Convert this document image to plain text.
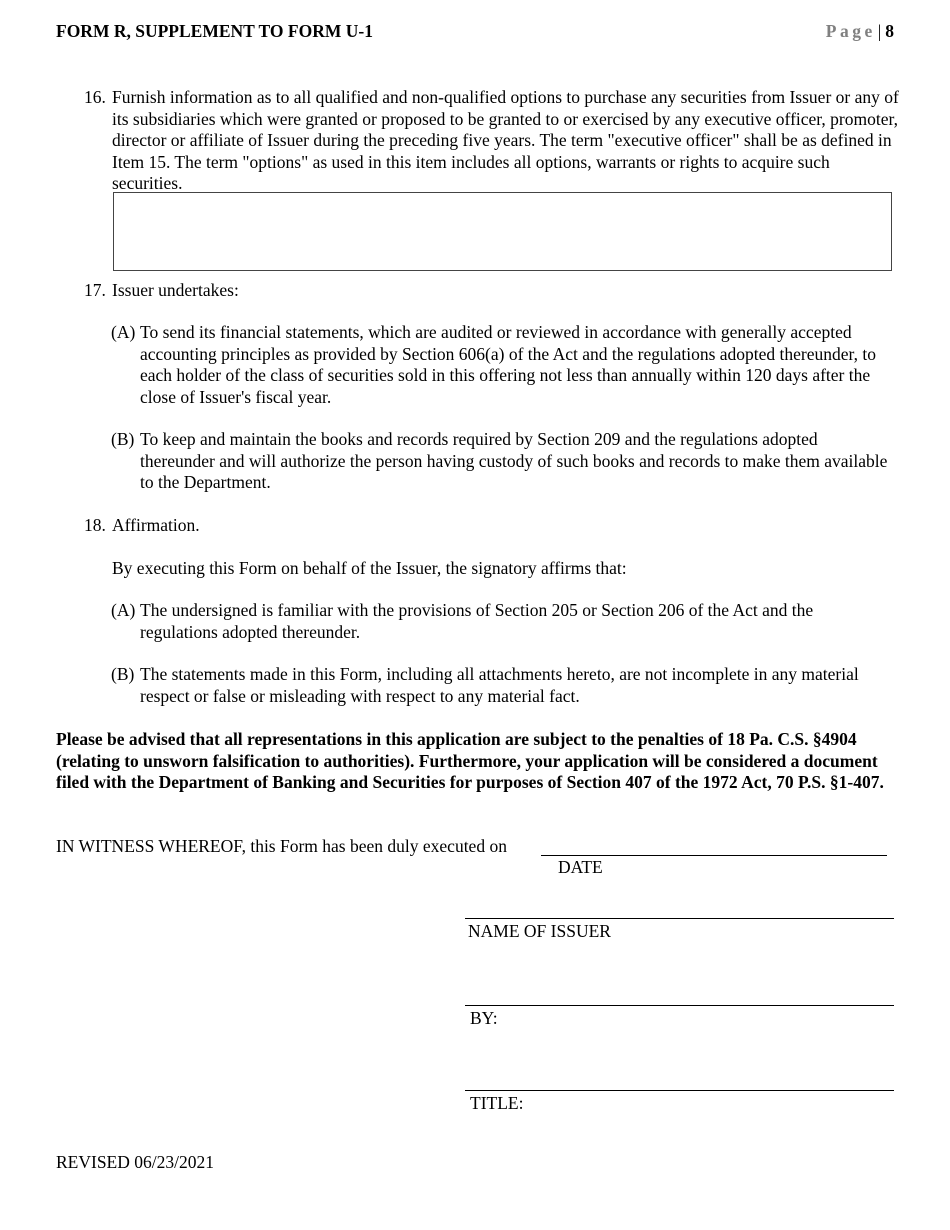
FORM R, SUPPLEMENT TO FORM U-1	Page | 8
16. Furnish information as to all qualified and non-qualified options to purchase any securities from Issuer or any of its subsidiaries which were granted or proposed to be granted to or exercised by any executive officer, promoter, director or affiliate of Issuer during the preceding five years. The term "executive officer" shall be as defined in Item 15. The term "options" as used in this item includes all options, warrants or rights to acquire such securities.
17. Issuer undertakes:
(A) To send its financial statements, which are audited or reviewed in accordance with generally accepted accounting principles as provided by Section 606(a) of the Act and the regulations adopted thereunder, to each holder of the class of securities sold in this offering not less than annually within 120 days after the close of Issuer's fiscal year.
(B) To keep and maintain the books and records required by Section 209 and the regulations adopted thereunder and will authorize the person having custody of such books and records to make them available to the Department.
18. Affirmation.
By executing this Form on behalf of the Issuer, the signatory affirms that:
(A) The undersigned is familiar with the provisions of Section 205 or Section 206 of the Act and the regulations adopted thereunder.
(B) The statements made in this Form, including all attachments hereto, are not incomplete in any material respect or false or misleading with respect to any material fact.
Please be advised that all representations in this application are subject to the penalties of 18 Pa. C.S. §4904 (relating to unsworn falsification to authorities). Furthermore, your application will be considered a document filed with the Department of Banking and Securities for purposes of Section 407 of the 1972 Act, 70 P.S. §1-407.
IN WITNESS WHEREOF, this Form has been duly executed on
DATE
NAME OF ISSUER
BY:
TITLE:
REVISED 06/23/2021
